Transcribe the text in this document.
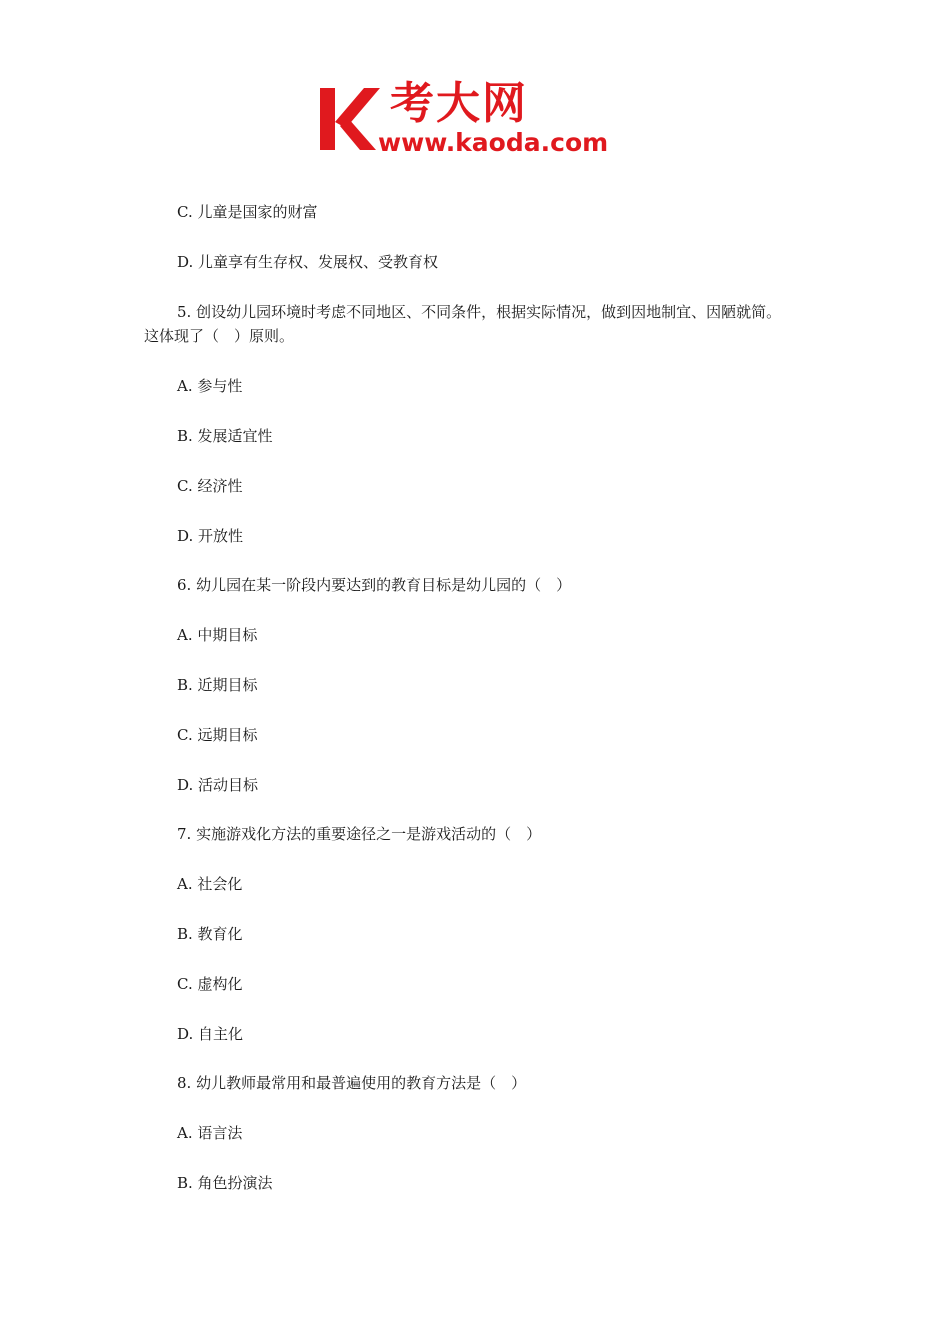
考大网
www.kaoda.com
C. 儿童是国家的财富
D. 儿童享有生存权、发展权、受教育权
5. 创设幼儿园环境时考虑不同地区、不同条件，根据实际情况，做到因地制宜、因陋就简。
这体现了（　）原则。
A. 参与性
B. 发展适宜性
C. 经济性
D. 开放性
6. 幼儿园在某一阶段内要达到的教育目标是幼儿园的（　）
A. 中期目标
B. 近期目标
C. 远期目标
D. 活动目标
7. 实施游戏化方法的重要途径之一是游戏活动的（　）
A. 社会化
B. 教育化
C. 虚构化
D. 自主化
8. 幼儿教师最常用和最普遍使用的教育方法是（　）
A. 语言法
B. 角色扮演法
